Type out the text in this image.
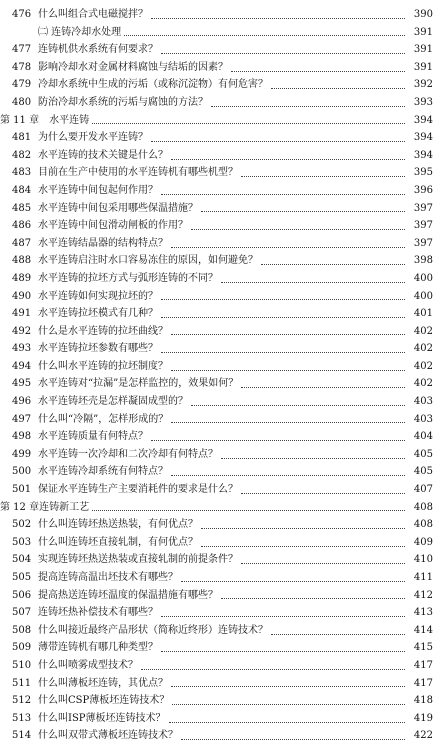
476 什么叫组合式电磁搅拌？	390
㈡ 连铸冷却水处理	391
477 连铸机供水系统有何要求？	391
478 影响冷却水对金属材料腐蚀与结垢的因素？	391
479 冷却水系统中生成的污垢（或称沉淀物）有何危害？	392
480 防治冷却水系统的污垢与腐蚀的方法？	393
第 11 章　水平连铸	394
481 为什么要开发水平连铸？	394
482 水平连铸的技术关键是什么？	394
483 目前在生产中使用的水平连铸机有哪些机型？	395
484 水平连铸中间包起何作用？	396
485 水平连铸中间包采用哪些保温措施？	397
486 水平连铸中间包滑动闸板的作用？	397
487 水平连铸结晶器的结构特点？	397
488 水平连铸启注时水口容易冻住的原因，如何避免？	398
489 水平连铸的拉坯方式与弧形连铸的不同？	400
490 水平连铸如何实现拉坯的？	400
491 水平连铸拉坯模式有几种？	401
492 什么是水平连铸的拉坯曲线？	402
493 水平连铸拉坯参数有哪些？	402
494 什么叫水平连铸的拉坯制度？	402
495 水平连铸对“拉漏”是怎样监控的，效果如何？	402
496 水平连铸坯壳是怎样凝固成型的？	403
497 什么叫“冷隔”，怎样形成的？	403
498 水平连铸质量有何特点？	404
499 水平连铸一次冷却和二次冷却有何特点？	405
500 水平连铸冷却系统有何特点？	405
501 保证水平连铸生产主要消耗件的要求是什么？	407
第 12 章连铸新工艺	408
502 什么叫连铸坯热送热装，有何优点？	408
503 什么叫连铸坯直接轧制，有何优点？	409
504 实现连铸坯热送热装或直接轧制的前提条件？	410
505 提高连铸高温出坯技术有哪些？	411
506 提高热送连铸坯温度的保温措施有哪些？	412
507 连铸坯热补偿技术有哪些？	413
508 什么叫接近最终产品形状（简称近终形）连铸技术？	414
509 薄带连铸机有哪几种类型？	415
510 什么叫喷雾成型技术？	417
511 什么叫薄板坯连铸，其优点？	417
512 什么叫CSP薄板坯连铸技术？	418
513 什么叫ISP薄板坯连铸技术？	419
514 什么叫双带式薄板坯连铸技术？	422
